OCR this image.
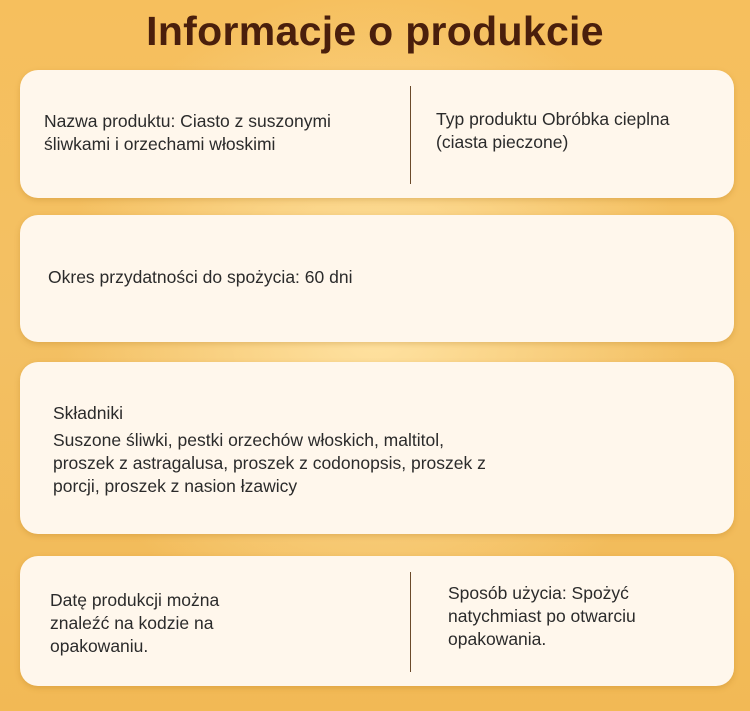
Informacje o produkcie
Nazwa produktu: Ciasto z suszonymi
śliwkami i orzechami włoskimi
Typ produktu Obróbka cieplna
(ciasta pieczone)
Okres przydatności do spożycia: 60 dni
Składniki
Suszone śliwki, pestki orzechów włoskich, maltitol,
proszek z astragalusa, proszek z codonopsis, proszek z
porcji, proszek z nasion łzawicy
Datę produkcji można
znaleźć na kodzie na
opakowaniu.
Sposób użycia: Spożyć
natychmiast po otwarciu
opakowania.
